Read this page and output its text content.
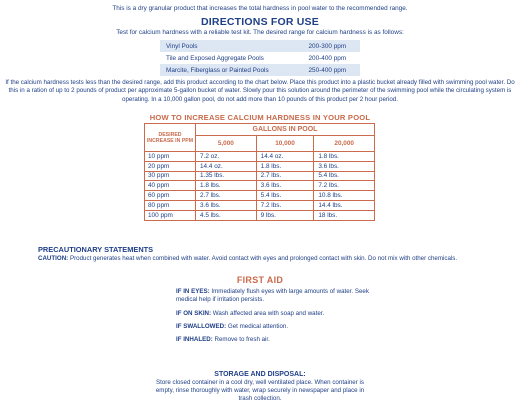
This is a dry granular product that increases the total hardness in pool water to the recommended range.
DIRECTIONS FOR USE
Test for calcium hardness with a reliable test kit. The desired range for calcium hardness is as follows:
Vinyl Pools	200-300 ppm
Tile and Exposed Aggregate Pools	200-400 ppm
Marcite, Fiberglass or Painted Pools	250-400 ppm
If the calcium hardness tests less than the desired range, add this product according to the chart below. Place this product into a plastic bucket already filled with swimming pool water. Do this in a ration of up to 2 pounds of product per approximate 5-gallon bucket of water. Slowly pour this solution around the perimeter of the swimming pool while the circulating system is operating. In a 10,000 gallon pool, do not add more than 10 pounds of this product per 2 hour period.
HOW TO INCREASE CALCIUM HARDNESS IN YOUR POOL
DESIRED INCREASE IN PPM	GALLONS IN POOL		
	5,000	10,000	20,000
10 ppm	7.2 oz.	14.4 oz.	1.8 lbs.
20 ppm	14.4 oz.	1.8 lbs.	3.6 lbs.
30 ppm	1.35 lbs.	2.7 lbs.	5.4 lbs.
40 ppm	1.8 lbs.	3.6 lbs.	7.2 lbs.
60 ppm	2.7 lbs.	5.4 lbs.	10.8 lbs.
80 ppm	3.6 lbs.	7.2 lbs.	14.4 lbs.
100 ppm	4.5 lbs.	9 lbs.	18 lbs.
PRECAUTIONARY STATEMENTS
CAUTION: Product generates heat when combined with water. Avoid contact with eyes and prolonged contact with skin. Do not mix with other chemicals.
FIRST AID
IF IN EYES: Immediately flush eyes with large amounts of water. Seek medical help if irritation persists.
IF ON SKIN: Wash affected area with soap and water.
IF SWALLOWED: Get medical attention.
IF INHALED: Remove to fresh air.
STORAGE AND DISPOSAL:
Store closed container in a cool dry, well ventilated place. When container is empty, rinse thoroughly with water, wrap securely in newspaper and place in trash collection.
